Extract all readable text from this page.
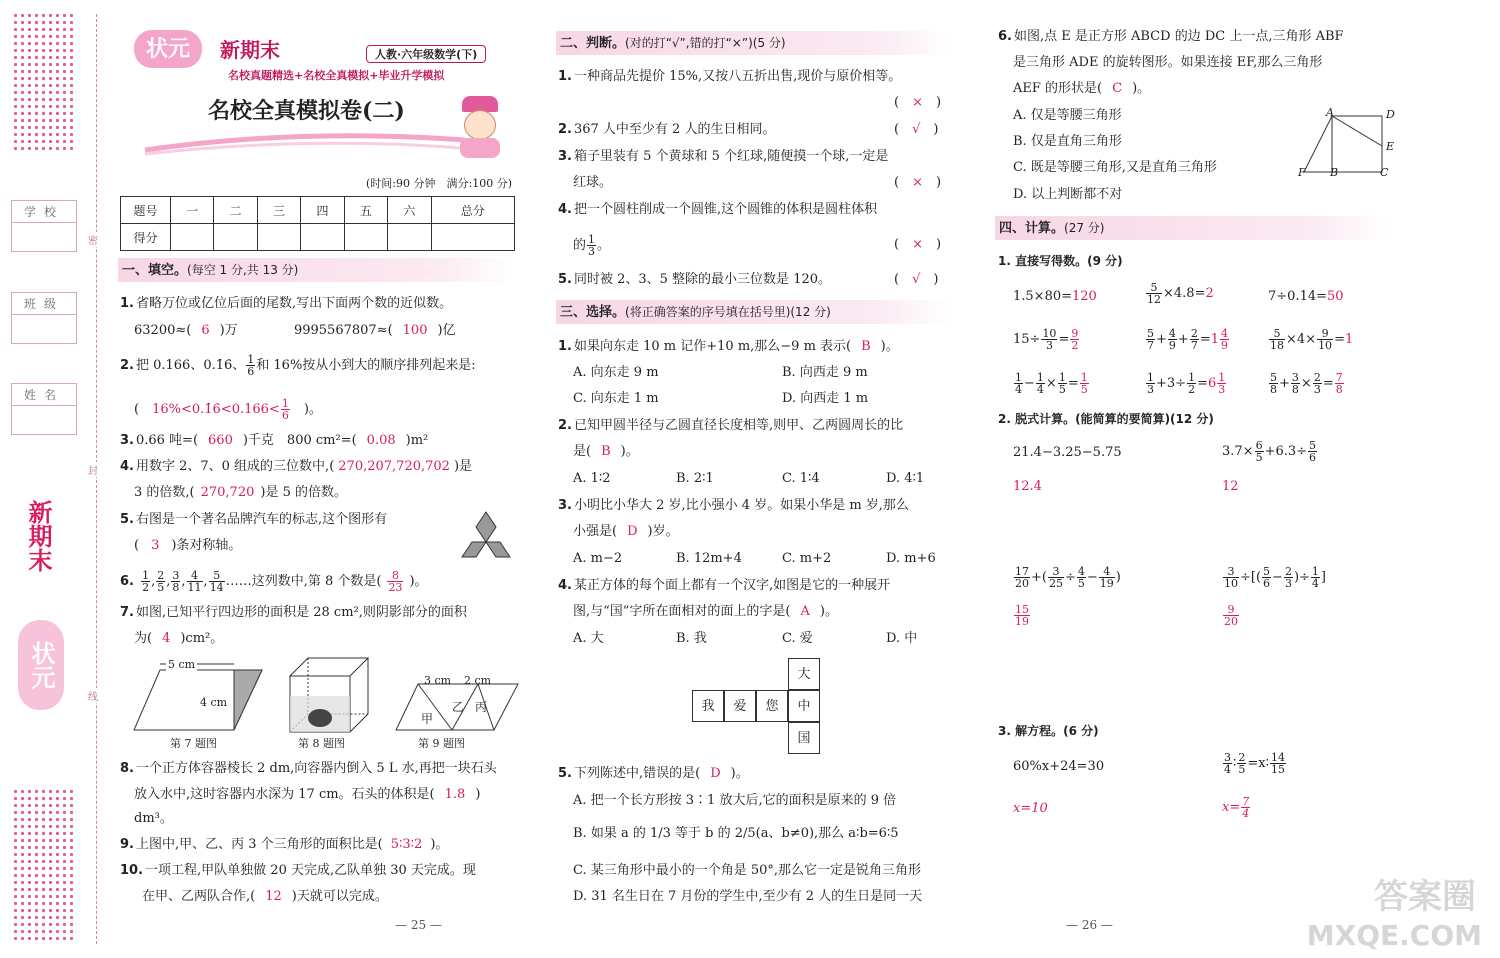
学校
班级
姓名
新期末
状元
密
封
线
状元	新期末	人教·六年级数学(下)
名校真题精选+名校全真模拟+毕业升学模拟
名校全真模拟卷(二)
(时间:90 分钟　满分:100 分)
题号	一	二	三	四	五	六	总分
得分							
一、填空。(每空 1 分,共 13 分)
1. 省略万位或亿位后面的尾数,写出下面两个数的近似数。
63200≈( 6 )万	9995567807≈( 100 )亿
2. 把 0.166、0.1̇6̇、 $\frac{1}{6}$ 和 16%按从小到大的顺序排列起来是:
(　16%<0.1̇6̇<0.166< $\frac{1}{6}$ 　)。
3. 0.66 吨=( 660 )千克　800 cm²=( 0.08 )m²
4. 用数字 2、7、0 组成的三位数中,( 270,207,720,702 )是
3 的倍数,( 270,720 )是 5 的倍数。
5. 右图是一个著名品牌汽车的标志,这个图形有
( 3 )条对称轴。
6. $\frac{1}{2}$ , $\frac{2}{5}$ , $\frac{3}{8}$ , $\frac{4}{11}$ , $\frac{5}{14}$ ……这列数中,第 8 个数是( $\frac{8}{23}$ )。
7. 如图,已知平行四边形的面积是 28 cm²,则阴影部分的面积
为( 4 )cm²。
5 cm
4 cm
第 7 题图	第 8 题图
3 cm 2 cm
甲
乙 丙
第 9 题图
8. 一个正方体容器棱长 2 dm,向容器内倒入 5 L 水,再把一块石头
放入水中,这时容器内水深为 17 cm。石头的体积是( 1.8 )
dm³。
9. 上图中,甲、乙、丙 3 个三角形的面积比是( 5∶3∶2 )。
10. 一项工程,甲队单独做 20 天完成,乙队单独 30 天完成。现
在甲、乙两队合作,( 12 )天就可以完成。
— 25 —
二、判断。(对的打“√”,错的打“×”)(5 分)
1. 一种商品先提价 15%,又按八五折出售,现价与原价相等。
(　×　)
2. 367 人中至少有 2 人的生日相同。	(　√　)
3. 箱子里装有 5 个黄球和 5 个红球,随便摸一个球,一定是
红球。	(　×　)
4. 把一个圆柱削成一个圆锥,这个圆锥的体积是圆柱体积
的 $\frac{1}{3}$ 。	(　×　)
5. 同时被 2、3、5 整除的最小三位数是 120。	(　√　)
三、选择。(将正确答案的序号填在括号里)(12 分)
1. 如果向东走 10 m 记作+10 m,那么−9 m 表示( B )。
A. 向东走 9 m	B. 向西走 9 m
C. 向东走 1 m	D. 向西走 1 m
2. 已知甲圆半径与乙圆直径长度相等,则甲、乙两圆周长的比
是( B )。
A. 1∶2	B. 2∶1	C. 1∶4	D. 4∶1
3. 小明比小华大 2 岁,比小强小 4 岁。如果小华是 m 岁,那么
小强是( D )岁。
A. m−2	B. 12m+4	C. m+2	D. m+6
4. 某正方体的每个面上都有一个汉字,如图是它的一种展开
图,与“国”字所在面相对的面上的字是( A )。
A. 大	B. 我	C. 爱	D. 中
大
我	爱	您	中
国
5. 下列陈述中,错误的是( D )。
A. 把一个长方形按 3∶1 放大后,它的面积是原来的 9 倍
B. 如果 a 的 1/3 等于 b 的 2/5(a、b≠0),那么 a∶b=6∶5
C. 某三角形中最小的一个角是 50°,那么它一定是锐角三角形
D. 31 名生日在 7 月份的学生中,至少有 2 人的生日是同一天
6. 如图,点 E 是正方形 ABCD 的边 DC 上一点,三角形 ABF
是三角形 ADE 的旋转图形。如果连接 EF,那么三角形
AEF 的形状是( C )。
A. 仅是等腰三角形
B. 仅是直角三角形
C. 既是等腰三角形,又是直角三角形
D. 以上判断都不对
A	D
E
F B	C
四、计算。(27 分)
1. 直接写得数。(9 分)
1.5×80=120	$\frac{5}{12} \times 4.8=2$	7÷0.14=50
$15\div \frac{10}{3} = \frac{9}{2}$	$\frac{5}{7} + \frac{4}{9} + \frac{2}{7} =1 \frac{4}{9}$	$\frac{5}{18} \times 4\times \frac{9}{10} =1$
$\frac{1}{4} - \frac{1}{4} \times \frac{1}{5} = \frac{1}{5}$	$\frac{1}{3} +3\div \frac{1}{2} =6 \frac{1}{3}$	$\frac{5}{8} + \frac{3}{8} \times \frac{2}{3} = \frac{7}{8}$
2. 脱式计算。(能简算的要简算)(12 分)
21.4−3.25−5.75
12.4
$3.7\times \frac{6}{5} +6.3\div \frac{5}{6}$
12
$\frac{17}{20}$ +( $\frac{3}{25} \div \frac{4}{5} - \frac{4}{19}$ )
$\frac{15}{19}$
$\frac{3}{10}$ ÷[( $\frac{5}{6} - \frac{2}{3}$ )÷ $\frac{1}{4}$ ]
$\frac{9}{20}$
3. 解方程。(6 分)
60%x+24=30
x=10
$\frac{3}{4}$ ∶ $\frac{2}{5}$ =x∶ $\frac{14}{15}$
$x= \frac{7}{4}$
— 26 —
答案圈
MXQE.COM
